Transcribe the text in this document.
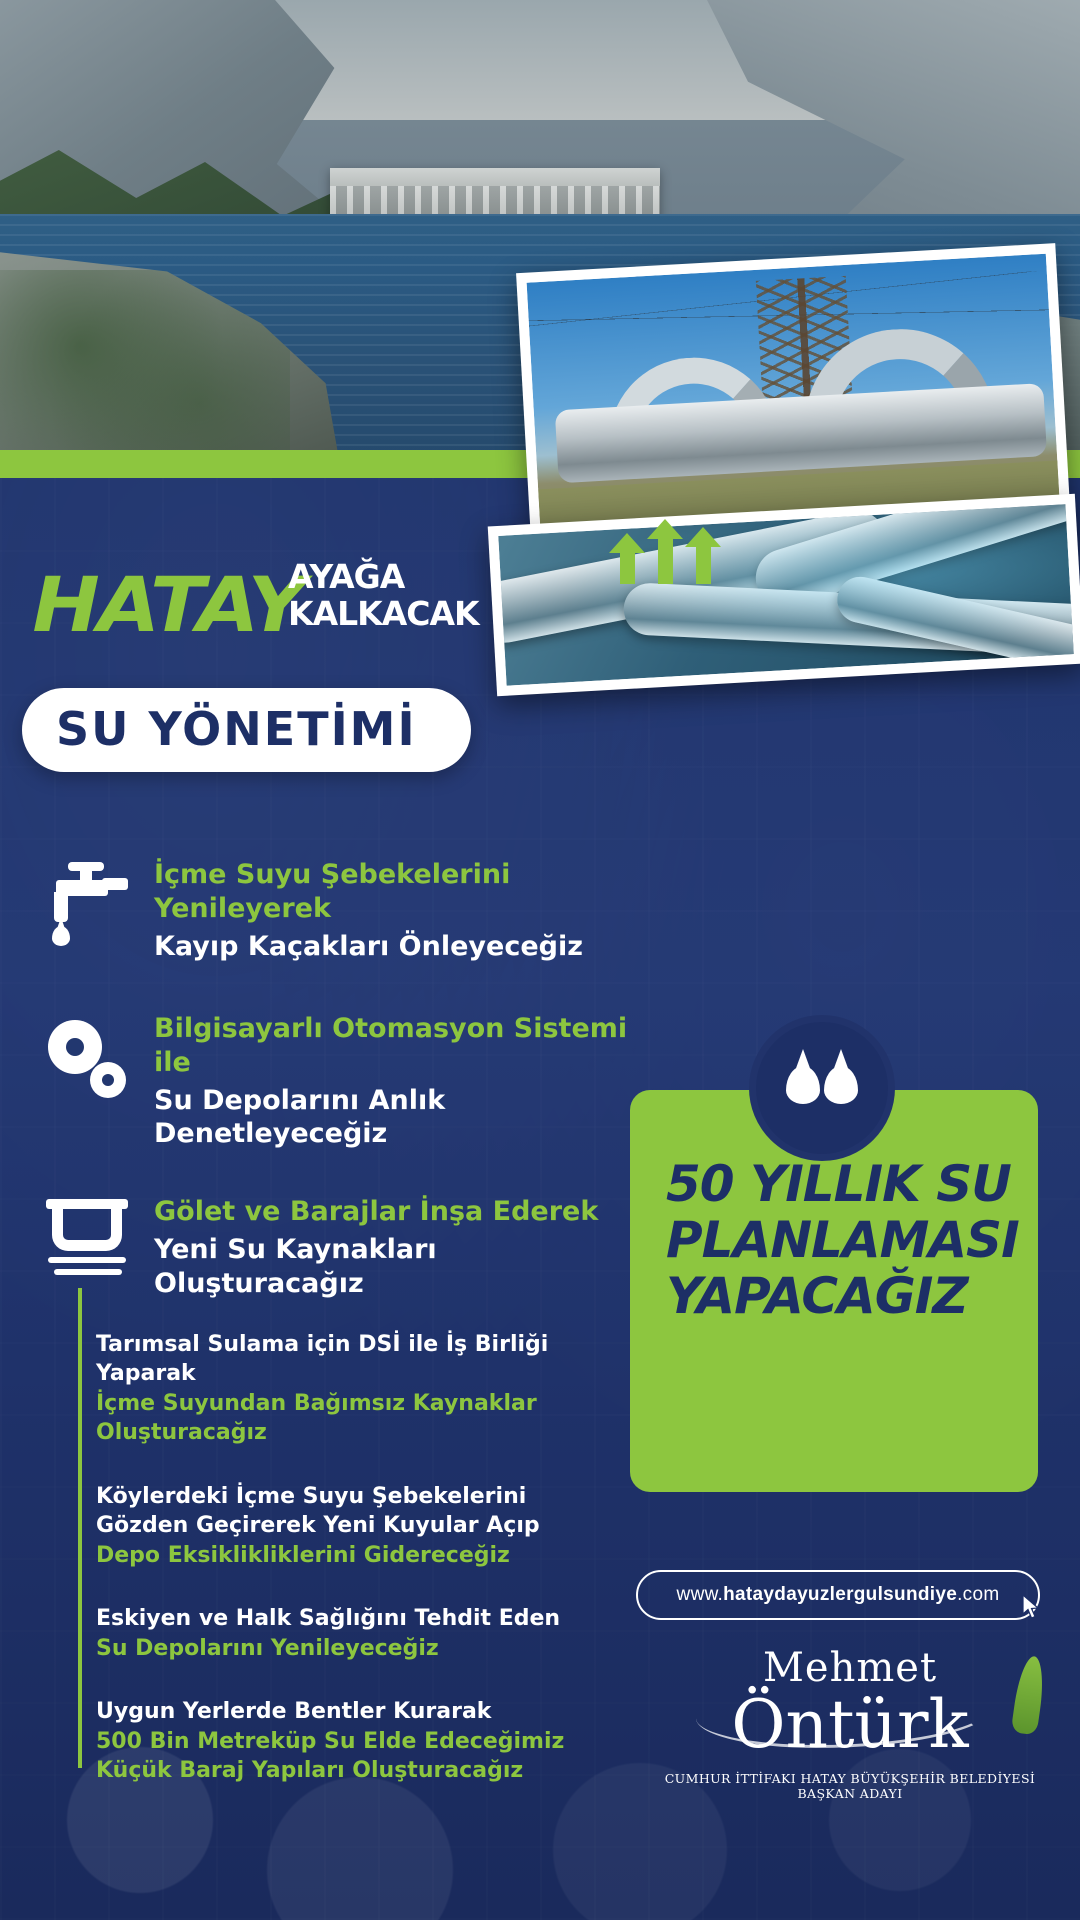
HATAY
AYAĞA
KALKACAK
SU YÖNETİMİ
İçme Suyu Şebekelerini Yenileyerek
Kayıp Kaçakları Önleyeceğiz
Bilgisayarlı Otomasyon Sistemi ile
Su Depolarını Anlık Denetleyeceğiz
Gölet ve Barajlar İnşa Ederek
Yeni Su Kaynakları Oluşturacağız
Tarımsal Sulama için DSİ ile İş Birliği Yaparak
İçme Suyundan Bağımsız Kaynaklar
Oluşturacağız
Köylerdeki İçme Suyu Şebekelerini
Gözden Geçirerek Yeni Kuyular Açıp
Depo Eksiklikliklerini Gidereceğiz
Eskiyen ve Halk Sağlığını Tehdit Eden
Su Depolarını Yenileyeceğiz
Uygun Yerlerde Bentler Kurarak
500 Bin Metreküp Su Elde Edeceğimiz
Küçük Baraj Yapıları Oluşturacağız
50 YILLIK SU PLANLAMASI YAPACAĞIZ
www.hataydayuzlergulsundiye.com
Mehmet
Öntürk
CUMHUR İTTİFAKI HATAY BÜYÜKŞEHİR BELEDİYESİ BAŞKAN ADAYI
